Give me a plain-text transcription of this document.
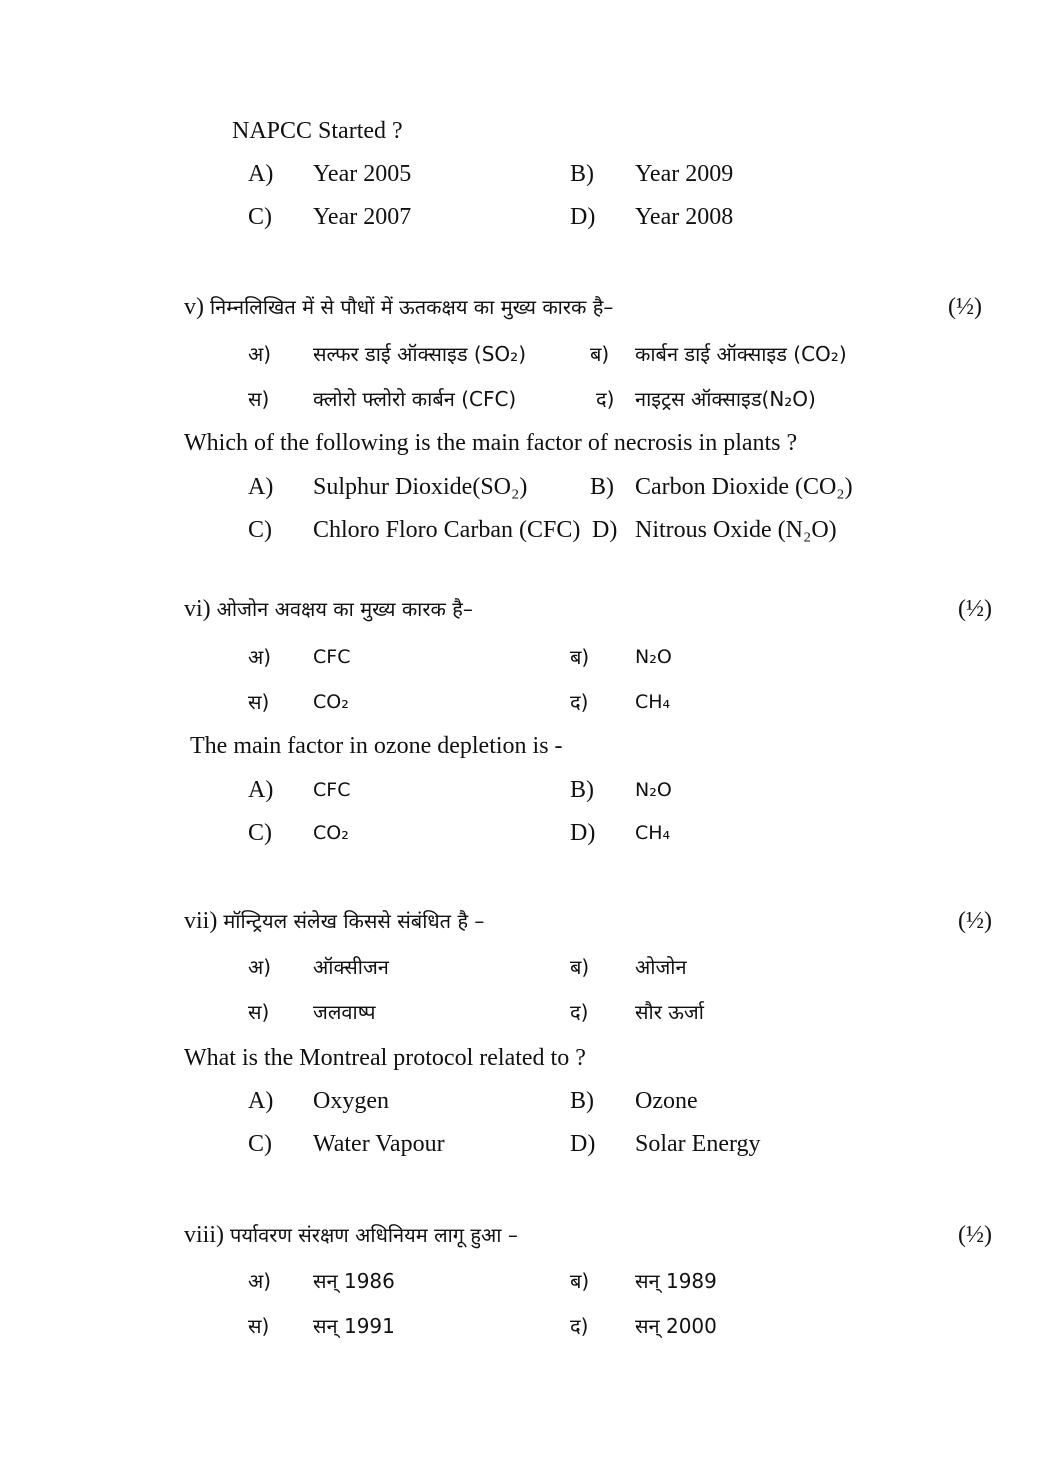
NAPCC Started ?
A) Year 2005	B) Year 2009
C) Year 2007	D) Year 2008
v) निम्नलिखित में से पौधों में ऊतकक्षय का मुख्य कारक है–	(½)
अ) सल्फर डाई ऑक्साइड (SO₂)	ब) कार्बन डाई ऑक्साइड (CO₂)
स) क्लोरो फ्लोरो कार्बन (CFC)	द) नाइट्रस ऑक्साइड(N₂O)
Which of the following is the main factor of necrosis in plants ?
A) Sulphur Dioxide(SO₂)	B) Carbon Dioxide (CO₂)
C) Chloro Floro Carban (CFC) D) Nitrous Oxide (N₂O)
vi) ओजोन अवक्षय का मुख्य कारक है–	(½)
अ) CFC	ब) N₂O
स) CO₂	द) CH₄
The main factor in ozone depletion is -
A) CFC	B) N₂O
C) CO₂	D) CH₄
vii) मॉन्ट्रियल संलेख किससे संबंधित है –	(½)
अ) ऑक्सीजन	ब) ओजोन
स) जलवाष्प	द) सौर ऊर्जा
What is the Montreal protocol related to ?
A) Oxygen	B) Ozone
C) Water Vapour	D) Solar Energy
viii) पर्यावरण संरक्षण अधिनियम लागू हुआ –	(½)
अ) सन् 1986	ब) सन् 1989
स) सन् 1991	द) सन् 2000
